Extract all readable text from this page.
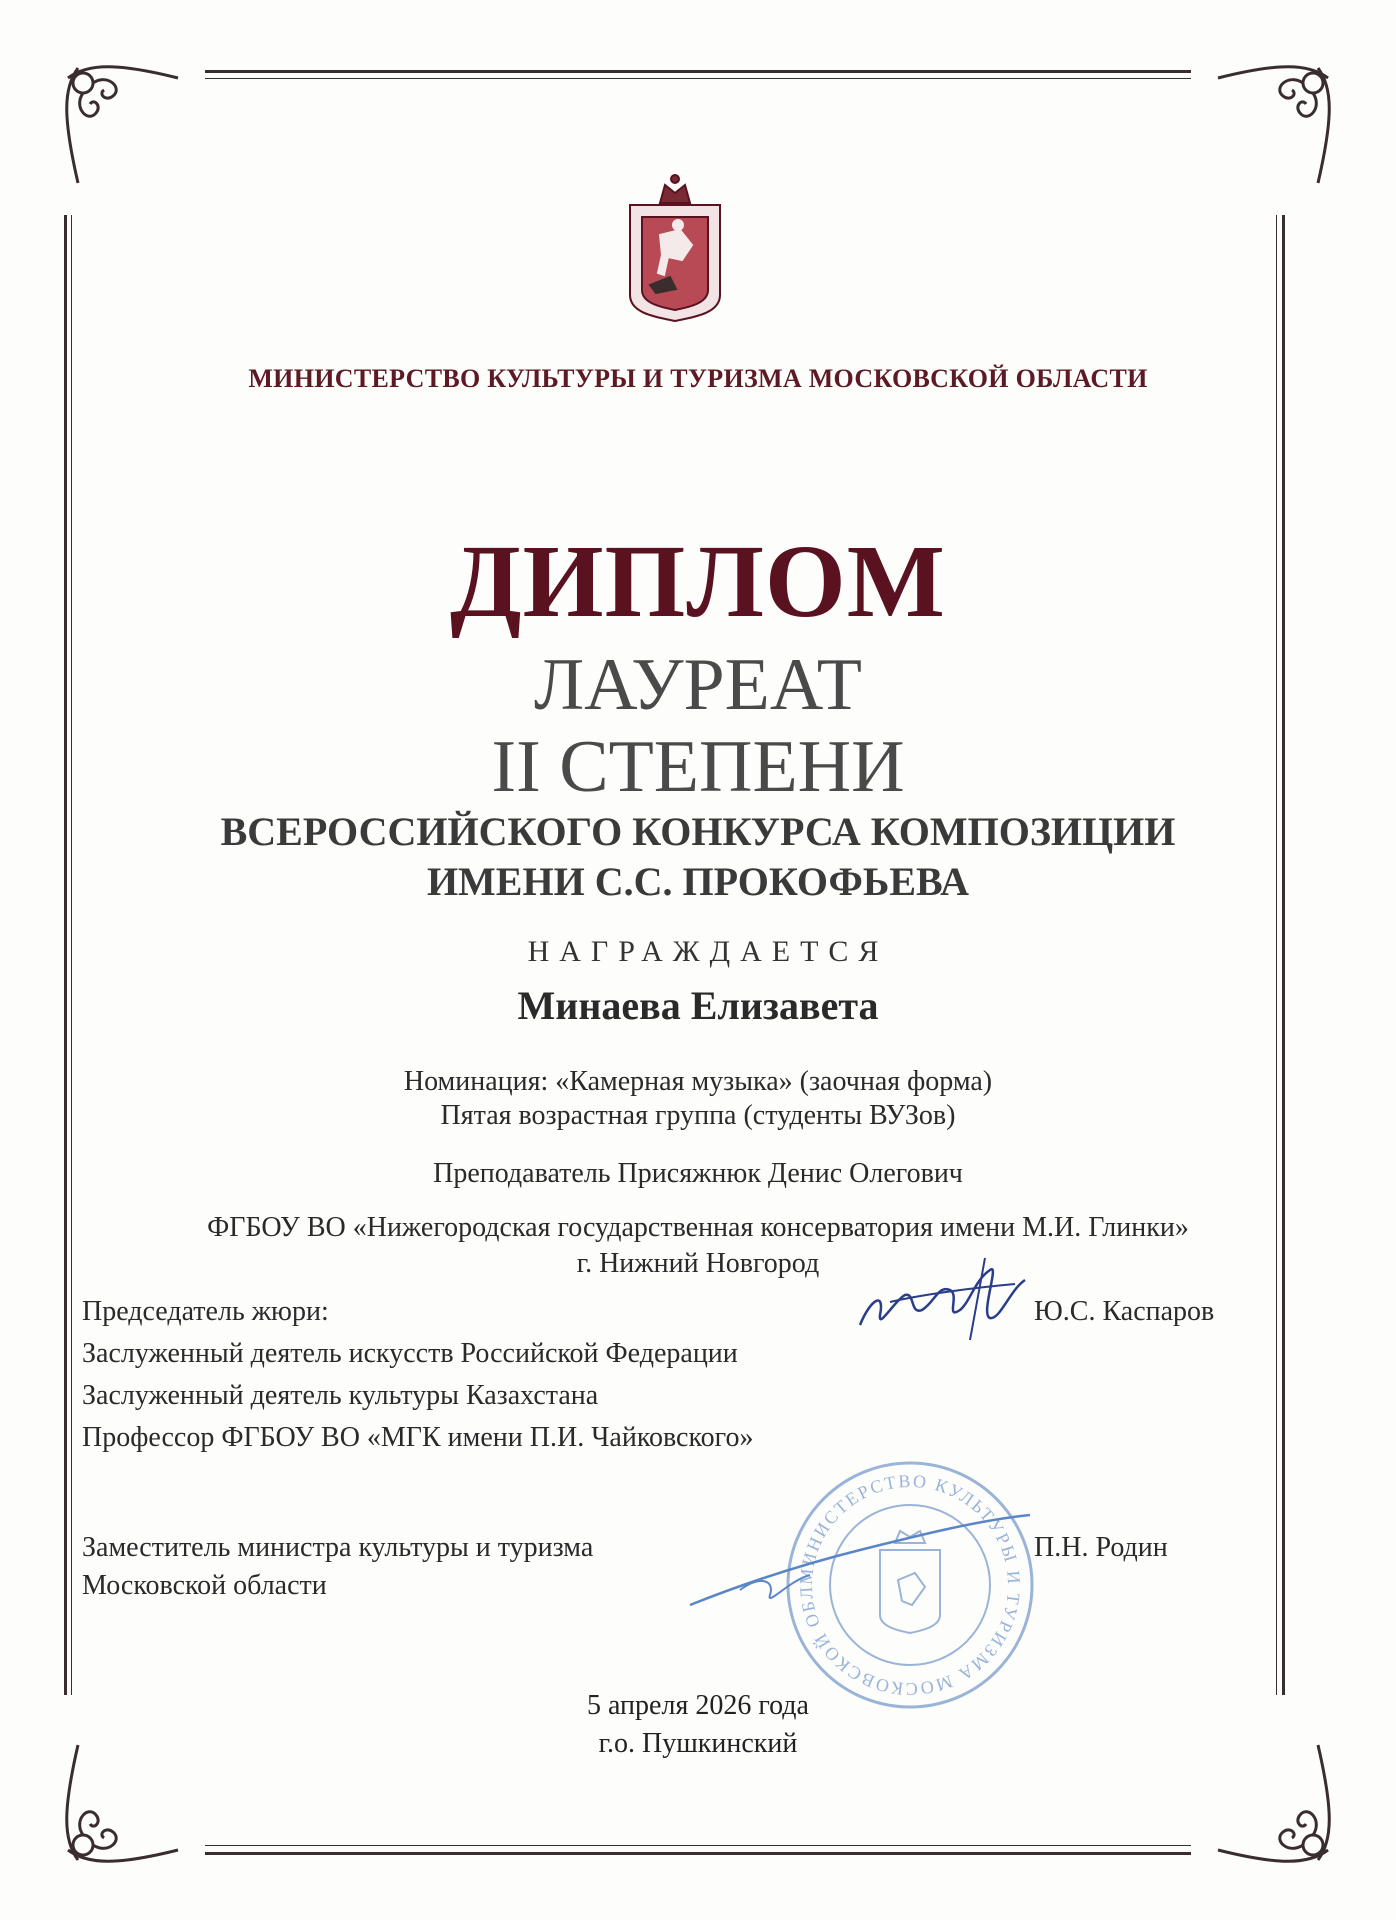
МИНИСТЕРСТВО КУЛЬТУРЫ И ТУРИЗМА МОСКОВСКОЙ ОБЛАСТИ
ДИПЛОМ
ЛАУРЕАТ
II СТЕПЕНИ
ВСЕРОССИЙСКОГО КОНКУРСА КОМПОЗИЦИИ
ИМЕНИ С.С. ПРОКОФЬЕВА
НАГРАЖДАЕТСЯ
Минаева Елизавета
Номинация: «Камерная музыка» (заочная форма)
Пятая возрастная группа (студенты ВУЗов)
Преподаватель Присяжнюк Денис Олегович
ФГБОУ ВО «Нижегородская государственная консерватория имени М.И. Глинки»
г. Нижний Новгород
Председатель жюри:
Заслуженный деятель искусств Российской Федерации
Заслуженный деятель культуры Казахстана
Профессор ФГБОУ ВО «МГК имени П.И. Чайковского»
Ю.С. Каспаров
Заместитель министра культуры и туризма
Московской области
П.Н. Родин
МИНИСТЕРСТВО КУЛЬТУРЫ И ТУРИЗМА МОСКОВСКОЙ ОБЛ
5 апреля 2026 года
г.о. Пушкинский
